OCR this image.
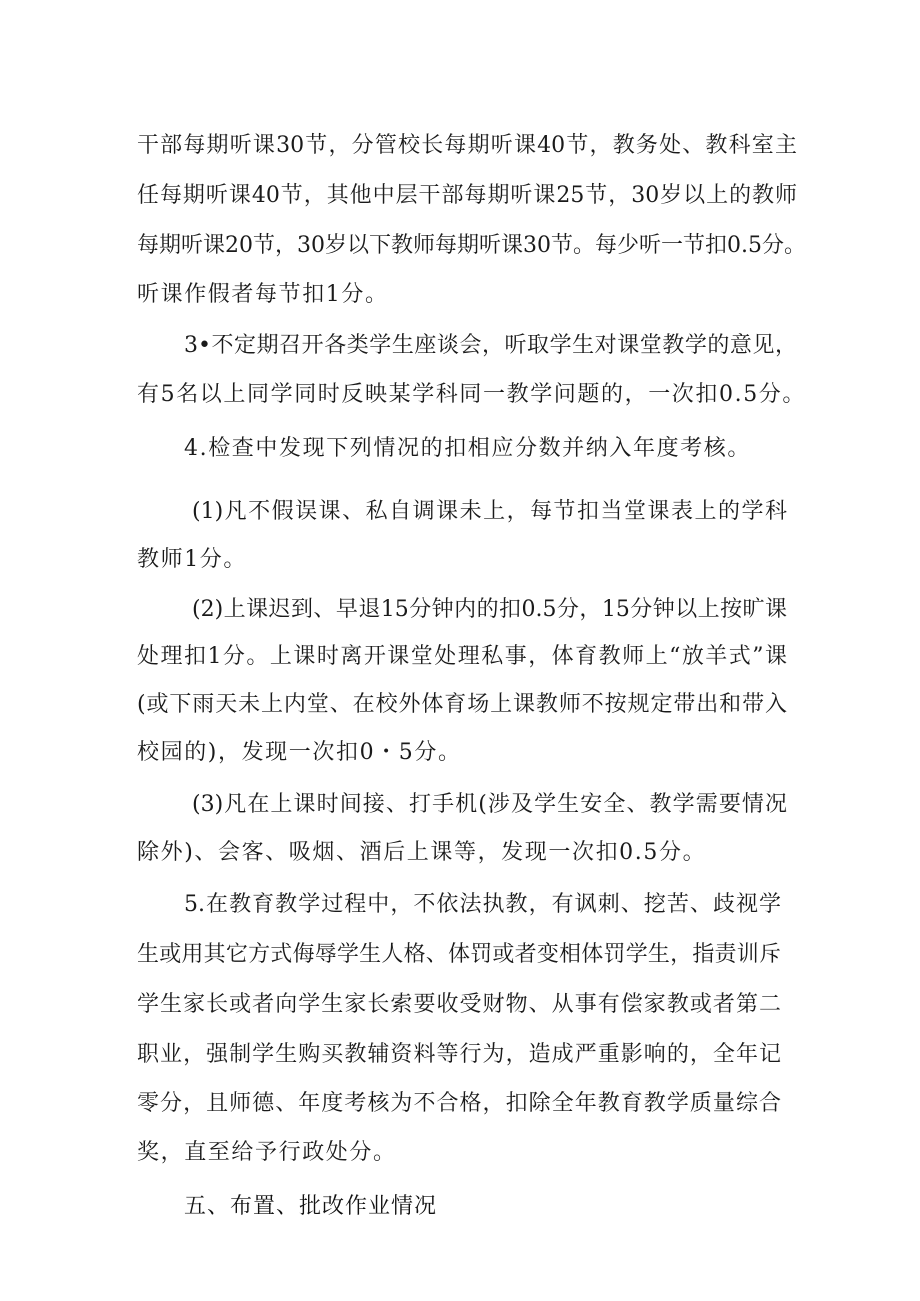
干部每期听课30节，分管校长每期听课40节，教务处、教科室主
任每期听课40节，其他中层干部每期听课25节，30岁以上的教师
每期听课20节，30岁以下教师每期听课30节。每少听一节扣0.5分。
听课作假者每节扣1分。
3•不定期召开各类学生座谈会，听取学生对课堂教学的意见，
有5名以上同学同时反映某学科同一教学问题的，一次扣0.5分。
4.检查中发现下列情况的扣相应分数并纳入年度考核。
(1)凡不假误课、私自调课未上，每节扣当堂课表上的学科
教师1分。
(2)上课迟到、早退15分钟内的扣0.5分，15分钟以上按旷课
处理扣1分。上课时离开课堂处理私事，体育教师上“放羊式”课
(或下雨天未上内堂、在校外体育场上课教师不按规定带出和带入
校园的)，发现一次扣0・5分。
(3)凡在上课时间接、打手机(涉及学生安全、教学需要情况
除外)、会客、吸烟、酒后上课等，发现一次扣0.5分。
5.在教育教学过程中，不依法执教，有讽刺、挖苦、歧视学
生或用其它方式侮辱学生人格、体罚或者变相体罚学生，指责训斥
学生家长或者向学生家长索要收受财物、从事有偿家教或者第二
职业，强制学生购买教辅资料等行为，造成严重影响的，全年记
零分，且师德、年度考核为不合格，扣除全年教育教学质量综合
奖，直至给予行政处分。
五、布置、批改作业情况
